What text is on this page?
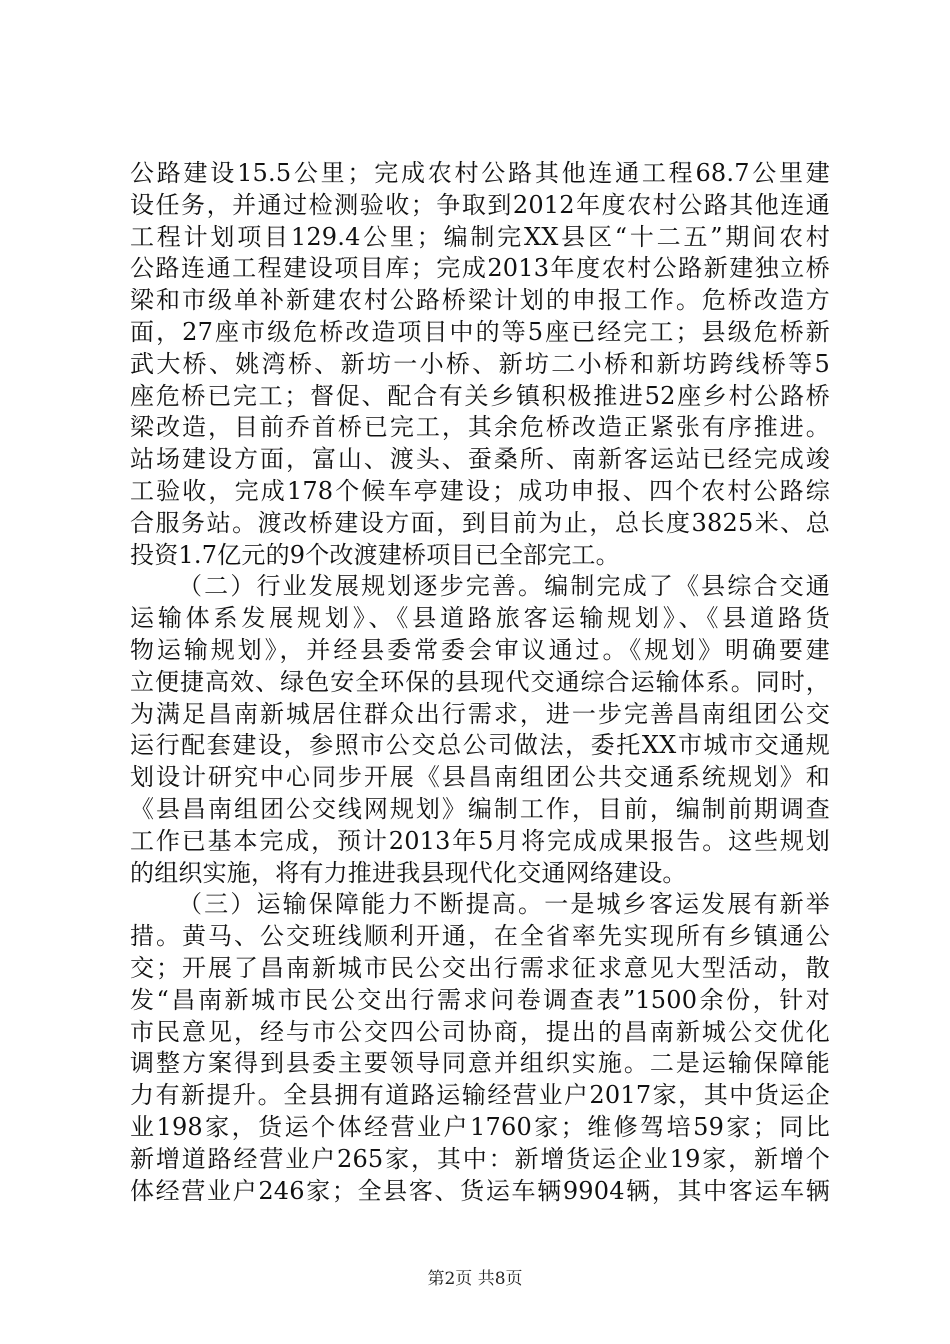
公路建设15.5公里；完成农村公路其他连通工程68.7公里建
设任务，并通过检测验收；争取到2012年度农村公路其他连通
工程计划项目129.4公里；编制完XX县区“十二五”期间农村
公路连通工程建设项目库；完成2013年度农村公路新建独立桥
梁和市级单补新建农村公路桥梁计划的申报工作。危桥改造方
面，27座市级危桥改造项目中的等5座已经完工；县级危桥新
武大桥、姚湾桥、新坊一小桥、新坊二小桥和新坊跨线桥等5
座危桥已完工；督促、配合有关乡镇积极推进52座乡村公路桥
梁改造，目前乔首桥已完工，其余危桥改造正紧张有序推进。
站场建设方面，富山、渡头、蚕桑所、南新客运站已经完成竣
工验收，完成178个候车亭建设；成功申报、四个农村公路综
合服务站。渡改桥建设方面，到目前为止，总长度3825米、总
投资1.7亿元的9个改渡建桥项目已全部完工。
（二）行业发展规划逐步完善。编制完成了《县综合交通
运输体系发展规划》、《县道路旅客运输规划》、《县道路货
物运输规划》，并经县委常委会审议通过。《规划》明确要建
立便捷高效、绿色安全环保的县现代交通综合运输体系。同时，
为满足昌南新城居住群众出行需求，进一步完善昌南组团公交
运行配套建设，参照市公交总公司做法，委托XX市城市交通规
划设计研究中心同步开展《县昌南组团公共交通系统规划》和
《县昌南组团公交线网规划》编制工作，目前，编制前期调查
工作已基本完成，预计2013年5月将完成成果报告。这些规划
的组织实施，将有力推进我县现代化交通网络建设。
（三）运输保障能力不断提高。一是城乡客运发展有新举
措。黄马、公交班线顺利开通，在全省率先实现所有乡镇通公
交；开展了昌南新城市民公交出行需求征求意见大型活动，散
发“昌南新城市民公交出行需求问卷调查表”1500余份，针对
市民意见，经与市公交四公司协商，提出的昌南新城公交优化
调整方案得到县委主要领导同意并组织实施。二是运输保障能
力有新提升。全县拥有道路运输经营业户2017家，其中货运企
业198家，货运个体经营业户1760家；维修驾培59家；同比
新增道路经营业户265家，其中：新增货运企业19家，新增个
体经营业户246家；全县客、货运车辆9904辆，其中客运车辆
第2页 共8页
